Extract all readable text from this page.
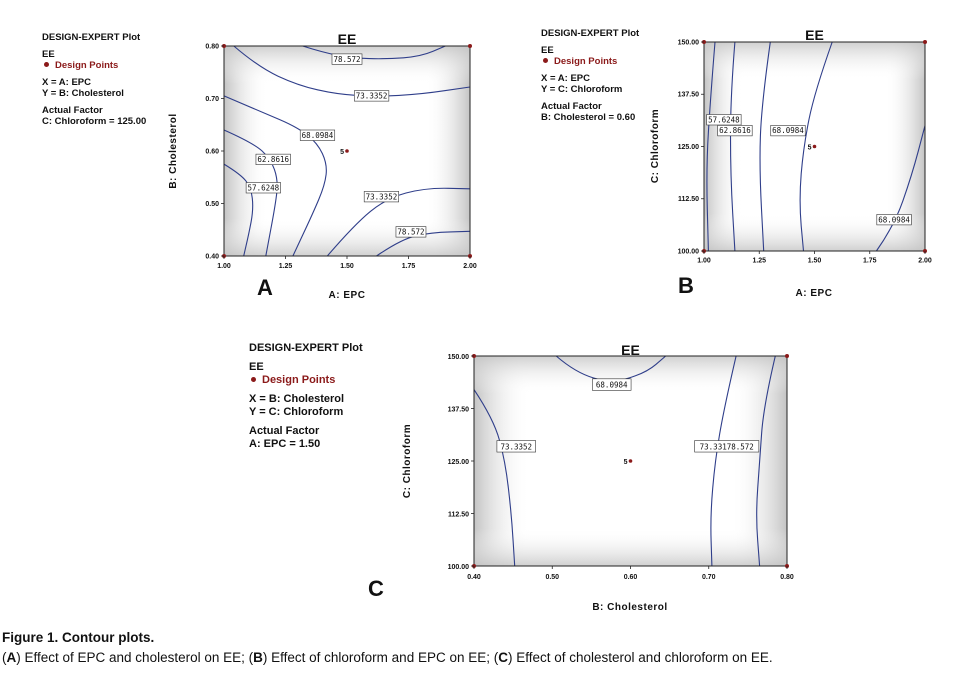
DESIGN-EXPERT Plot
EE
Design Points
X = A: EPC
Y = B: Cholesterol
Actual Factor
C: Chloroform = 125.00
DESIGN-EXPERT Plot
EE
Design Points
X = A: EPC
Y = C: Chloroform
Actual Factor
B: Cholesterol = 0.60
DESIGN-EXPERT Plot
EE
Design Points
X = B: Cholesterol
Y = C: Chloroform
Actual Factor
A: EPC = 1.50
EE
78.572
73.3352
68.0984
62.8616
57.6248
73.3352
78.572
5
1.00	1.25	1.50	1.75	2.00
0.40
0.50
0.60
0.70
0.80
A: EPC
B: Cholesterol
A
EE
57.6248
62.8616	68.0984
68.0984
5
1.00	1.25	1.50	1.75	2.00
100.00
112.50
125.00
137.50
150.00
A: EPC
C: Chloroform
B
EE
68.0984
73.3352	73.33178.572
5
0.40	0.50	0.60	0.70	0.80
100.00
112.50
125.00
137.50
150.00
B: Cholesterol
C: Chloroform
C
Figure 1. Contour plots.
(A) Effect of EPC and cholesterol on EE; (B) Effect of chloroform and EPC on EE; (C) Effect of cholesterol and chloroform on EE.
